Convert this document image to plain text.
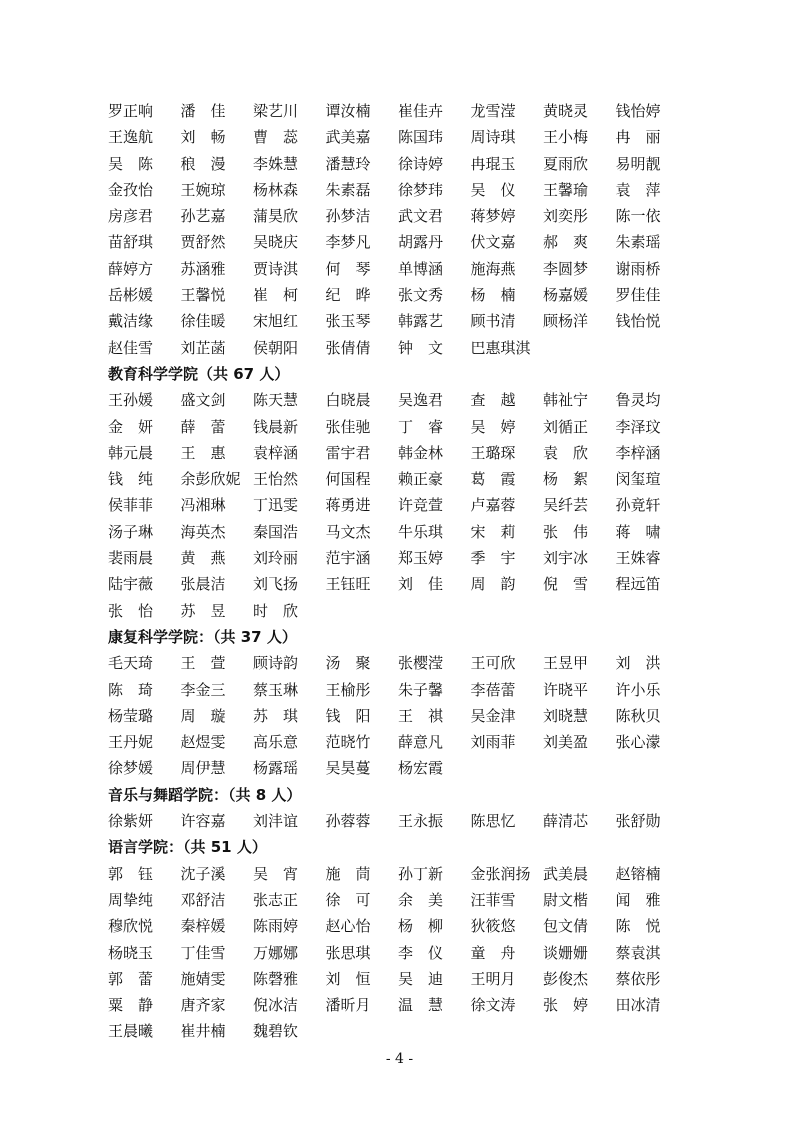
罗正响	潘　佳	梁艺川	谭汝楠	崔佳卉	龙雪滢	黄晓灵	钱怡婷
王逸航	刘　畅	曹　蕊	武美嘉	陈国玮	周诗琪	王小梅	冉　丽
吴　陈	稂　漫	李姝慧	潘慧玲	徐诗婷	冉琨玉	夏雨欣	易明靓
金孜怡	王婉琼	杨林森	朱素磊	徐梦玮	吴　仪	王馨瑜	袁　萍
房彦君	孙艺嘉	蒲昊欣	孙梦洁	武文君	蒋梦婷	刘奕彤	陈一依
苗舒琪	贾舒然	吴晓庆	李梦凡	胡露丹	伏文嘉	郝　爽	朱素瑶
薛婷方	苏涵雅	贾诗淇	何　琴	单博涵	施海燕	李圆梦	谢雨桥
岳彬媛	王馨悦	崔　柯	纪　晔	张文秀	杨　楠	杨嘉媛	罗佳佳
戴洁缘	徐佳暖	宋旭红	张玉琴	韩露艺	顾书清	顾杨洋	钱怡悦
赵佳雪	刘芷菡	侯朝阳	张倩倩	钟　文	巴惠琪淇
教育科学学院（共 67 人）
王孙媛	盛文剑	陈天慧	白晓晨	吴逸君	查　越	韩祉宁	鲁灵均
金　妍	薛　蕾	钱晨新	张佳驰	丁　睿	吴　婷	刘循正	李泽玟
韩元晨	王　惠	袁梓涵	雷宇君	韩金林	王璐琛	袁　欣	李梓涵
钱　纯	余彭欣妮 王怡然	何国程	赖正豪	葛　霞	杨　絮	闵玺瑄
侯菲菲	冯湘琳	丁迅雯	蒋勇进	许竞萱	卢嘉蓉	吴纤芸	孙竟轩
汤子琳	海英杰	秦国浩	马文杰	牛乐琪	宋　莉	张　伟	蒋　啸
裴雨晨	黄　燕	刘玲丽	范宇涵	郑玉婷	季　宇	刘宇冰	王姝睿
陆宇薇	张晨洁	刘飞扬	王钰旺	刘　佳	周　韵	倪　雪	程远笛
张　怡	苏　昱	时　欣
康复科学学院：（共 37 人）
毛天琦	王　萱	顾诗韵	汤　聚	张樱滢	王可欣	王昱甲	刘　洪
陈　琦	李金三	蔡玉琳	王榆彤	朱子馨	李蓓蕾	许晓平	许小乐
杨莹璐	周　璇	苏　琪	钱　阳	王　祺	吴金津	刘晓慧	陈秋贝
王丹妮	赵煜雯	高乐意	范晓竹	薛意凡	刘雨菲	刘美盈	张心濛
徐梦媛	周伊慧	杨露瑶	吴昊蔓	杨宏霞
音乐与舞蹈学院：（共 8 人）
徐紫妍	许容嘉	刘沣谊	孙蓉蓉	王永振	陈思忆	薛清芯	张舒勋
语言学院：（共 51 人）
郭　钰	沈子溪	吴　宵	施　茼	孙丁新	金张润扬 武美晨	赵镕楠
周挚纯	邓舒洁	张志正	徐　可	余　美	汪菲雪	尉文楷	闻　雅
穆欣悦	秦梓媛	陈雨婷	赵心怡	杨　柳	狄筱悠	包文倩	陈　悦
杨晓玉	丁佳雪	万娜娜	张思琪	李　仪	童　舟	谈姗姗	蔡袁淇
郭　蕾	施婧雯	陈磬雅	刘　恒	吴　迪	王明月	彭俊杰	蔡依彤
粟　静	唐齐家	倪冰洁	潘昕月	温　慧	徐文涛	张　婷	田冰清
王晨曦	崔井楠	魏碧钦
- 4 -
